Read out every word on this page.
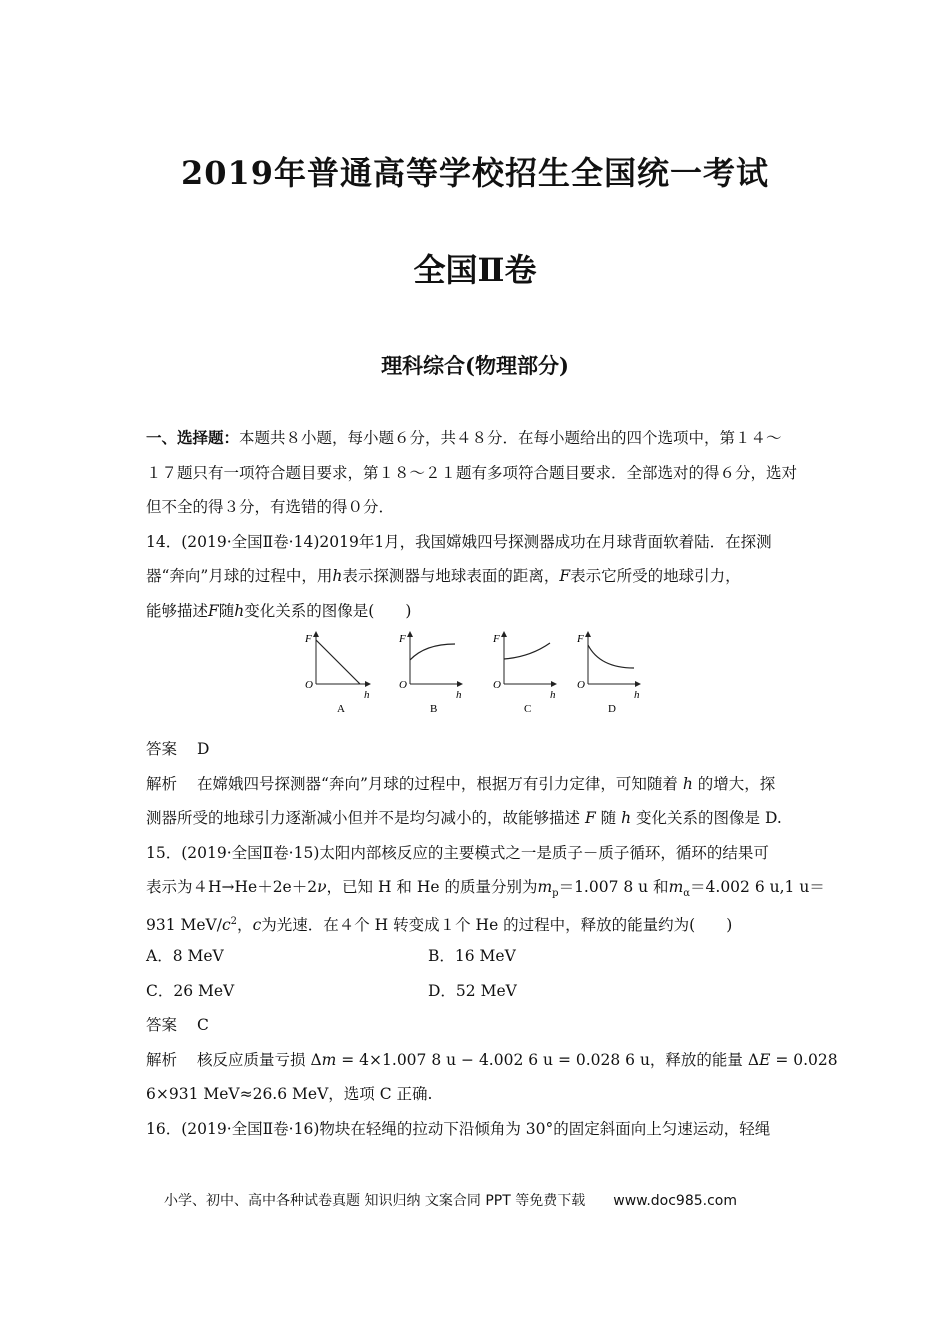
2019年普通高等学校招生全国统一考试
全国Ⅱ卷
理科综合(物理部分)
一、选择题：本题共８小题，每小题６分，共４８分．在每小题给出的四个选项中，第１４～
１７题只有一项符合题目要求，第１８～２１题有多项符合题目要求．全部选对的得６分，选对
但不全的得３分，有选错的得０分．
14．(2019·全国Ⅱ卷·14)2019年1月，我国嫦娥四号探测器成功在月球背面软着陆．在探测
器“奔向”月球的过程中，用h表示探测器与地球表面的距离，F表示它所受的地球引力，
能够描述F随h变化关系的图像是(　　)
F
O
h
A
F
O
h
B
F
O
h
C
F
O
h
D
答案 D
解析 在嫦娥四号探测器“奔向”月球的过程中，根据万有引力定律，可知随着 h 的增大，探
测器所受的地球引力逐渐减小但并不是均匀减小的，故能够描述 F 随 h 变化关系的图像是 D.
15．(2019·全国Ⅱ卷·15)太阳内部核反应的主要模式之一是质子－质子循环，循环的结果可
表示为４H→He＋2e＋2ν，已知 H 和 He 的质量分别为$m_p=1.007$ 8 u 和$m_\alpha=4.002$ 6 u,1 u＝
931 MeV/$c^2$，c为光速．在４个 H 转变成１个 He 的过程中，释放的能量约为(　　)
A．8 MeV	B．16 MeV
C．26 MeV	D．52 MeV
答案 C
解析 核反应质量亏损 Δm = 4×1.007 8 u − 4.002 6 u = 0.028 6 u，释放的能量 ΔE = 0.028
6×931 MeV≈26.6 MeV，选项 C 正确.
16．(2019·全国Ⅱ卷·16)物块在轻绳的拉动下沿倾角为 30°的固定斜面向上匀速运动，轻绳
小学、初中、高中各种试卷真题 知识归纳 文案合同 PPT 等免费下载 www.doc985.com
